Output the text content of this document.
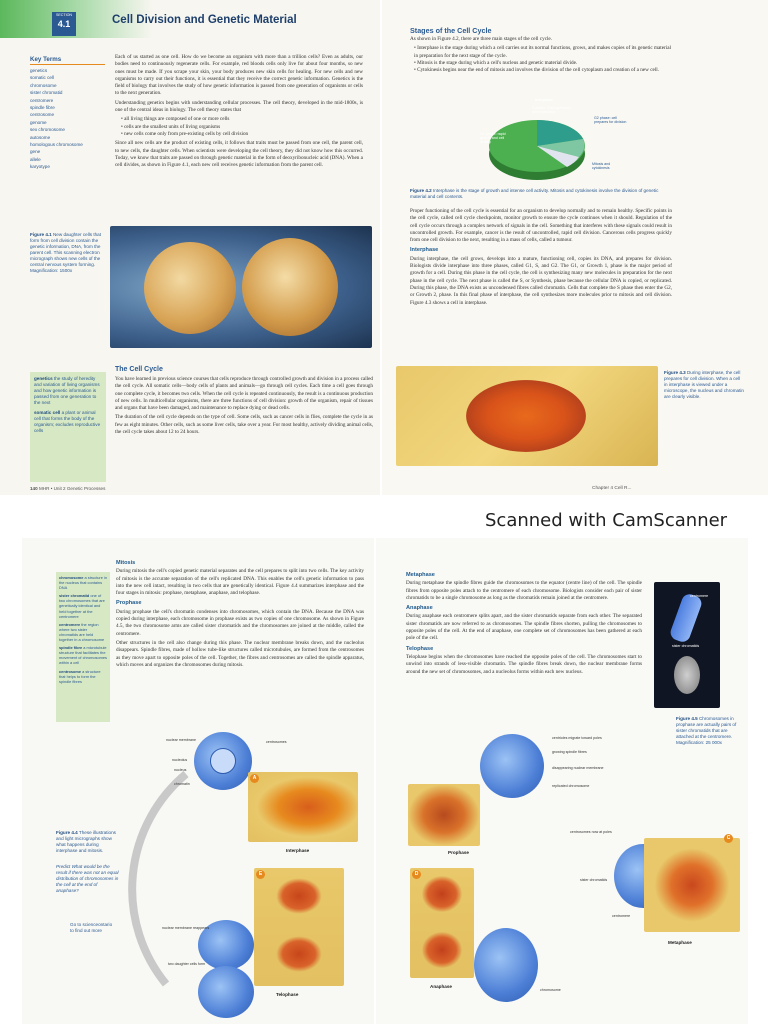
SECTION
4.1	Cell Division and Genetic Material
Key Terms
genetics
somatic cell
chromosome
sister chromatid
centromere
spindle fibre
centrosome
genome
sex chromosome
autosome
homologous chromosome
gene
allele
karyotype

Each of us started as one cell. How do we become an organism with more than a trillion cells? Even as adults, our bodies need to continuously regenerate cells. For example, red bloods cells only live for about four months, so new ones must be made. If you scrape your skin, your body produces new skin cells for healing. For new cells and new organisms to carry out their functions, it is essential that they receive the correct genetic information. Genetics is the field of biology that involves the study of how genetic information is passed from one generation of organisms or cells to the next generation.

Understanding genetics begins with understanding cellular processes. The cell theory, developed in the mid-1800s, is one of the central ideas in biology. The cell theory states that

• all living things are composed of one or more cells
• cells are the smallest units of living organisms
• new cells come only from pre-existing cells by cell division

Since all new cells are the product of existing cells, it follows that traits must be passed from one cell, the parent cell, to new cells, the daughter cells. When scientists were developing the cell theory, they did not know how this occurred. Today, we know that traits are passed on through genetic material in the form of deoxyribonucleic acid (DNA). When a cell divides, as shown in Figure 4.1, each new cell receives genetic information from the parent cell.

Figure 4.1 New daughter cells that form from cell division contain the genetic information, DNA, from the parent cell. This scanning electron micrograph shows new cells of the central nervous system forming. Magnification: 1500x
The Cell Cycle

You have learned in previous science courses that cells reproduce through controlled growth and division in a process called the cell cycle. All somatic cells—body cells of plants and animals—go through cell cycles. Each time a cell goes through one complete cycle, it becomes two cells. When the cell cycle is repeated continuously, the result is a continuous production of new cells. In multicellular organisms, there are three functions of cell division: growth of the organism, repair of tissues and organs that have been damaged, and maintenance to replace dying or dead cells.

The duration of the cell cycle depends on the type of cell. Some cells, such as cancer cells in flies, complete the cycle in as few as eight minutes. Other cells, such as some liver cells, take over a year. For most healthy, actively dividing animal cells, the cell cycle takes about 12 to 24 hours.

genetics the study of heredity and variation of living organisms and how genetic information is passed from one generation to the next
somatic cell a plant or animal cell that forms the body of the organism; excludes reproductive cells
140 MHR • Unit 2 Genetic Processes
Stages of the Cell Cycle

As shown in Figure 4.2, there are three main stages of the cell cycle.

• Interphase is the stage during which a cell carries out its normal functions, grows, and makes copies of its genetic material in preparation for the next stage of the cycle.
• Mitosis is the stage during which a cell's nucleus and genetic material divide.
• Cytokinesis begins near the end of mitosis and involves the division of the cell cytoplasm and creation of a new cell.
Interphase
S phase: DNA synthesis and replication
G1 phase: rapid growth and cell activity
G2 phase: cell prepares for division
Mitosis and cytokinesis
Figure 4.2 Interphase is the stage of growth and intense cell activity. Mitosis and cytokinesis involve the division of genetic material and cell contents.

Proper functioning of the cell cycle is essential for an organism to develop normally and to remain healthy. Specific points in the cell cycle, called cell cycle checkpoints, monitor growth to ensure the cycle continues when it should. Regulation of the cell cycle occurs through a complex network of signals in the cell. Something that interferes with these signals could result in uncontrolled growth. For example, cancer is the result of uncontrolled, rapid cell division. Cancerous cells progress quickly from one cell division to the next, resulting in a mass of cells, called a tumour.

Interphase

During interphase, the cell grows, develops into a mature, functioning cell, copies its DNA, and prepares for division. Biologists divide interphase into three phases, called G1, S, and G2. The G1, or Growth 1, phase is the major period of growth for a cell. During this phase in the cell cycle, the cell is synthesizing many new molecules in preparation for the next phase in the cell cycle. The next phase is called the S, or Synthesis, phase because the cellular DNA is copied, or replicated. During this phase, the DNA exists as uncondensed fibres called chromatin. Cells that complete the S phase then enter the G2, or Growth 2, phase. In this final phase of interphase, the cell synthesizes more molecules prior to mitosis and cell division. Figure 4.3 shows a cell in interphase.

Figure 4.3 During interphase, the cell prepares for cell division. When a cell in interphase is viewed under a microscope, the nucleus and chromatin are clearly visible.
Chapter 4 Cell R...
Scanned with CamScanner
chromosome a structure in the nucleus that contains DNA
sister chromatid one of two chromosomes that are genetically identical and held together at the centromere
centromere the region where two sister chromatids are held together in a chromosome
spindle fibre a microtubule structure that facilitates the movement of chromosomes within a cell
centrosome a structure that helps to form the spindle fibres
Mitosis

During mitosis the cell's copied genetic material separates and the cell prepares to split into two cells. The key activity of mitosis is the accurate separation of the cell's replicated DNA. This enables the cell's genetic information to pass into the new cell intact, resulting in two cells that are genetically identical. Figure 4.4 summarizes interphase and the four stages in mitosis: prophase, metaphase, anaphase, and telophase.

Prophase

During prophase the cell's chromatin condenses into chromosomes, which contain the DNA. Because the DNA was copied during interphase, each chromosome in prophase exists as two copies of one chromosome. As shown in Figure 4.5, the two chromosome arms are called sister chromatids and the chromosomes are joined at the middle, called the centromere.

Other structures in the cell also change during this phase. The nuclear membrane breaks down, and the nucleolus disappears. Spindle fibres, made of hollow tube-like structures called microtubules, are formed from the centrosomes as they move apart to opposite poles of the cell. Together, the fibres and centrosomes are called the spindle apparatus, which moves and organizes the chromosomes during mitosis.

Figure 4.4 These illustrations and light micrographs show what happens during interphase and mitosis.
Predict What would be the result if there was not an equal distribution of chromosomes in the cell at the end of anaphase?
Go to scienceontario to find out more
nuclear membrane	centrosomes
nucleolus
nucleus
chromatin
A
Interphase
E
nuclear membrane reappears
two daughter cells form
Telophase
Metaphase

During metaphase the spindle fibres guide the chromosomes to the equator (centre line) of the cell. The spindle fibres from opposite poles attach to the centromere of each chromosome. Biologists consider each pair of sister chromatids to be a single chromosome as long as the chromatids remain joined at the centromere.

Anaphase

During anaphase each centromere splits apart, and the sister chromatids separate from each other. The separated sister chromatids are now referred to as chromosomes. The spindle fibres shorten, pulling the chromosomes to opposite poles of the cell. At the end of anaphase, one complete set of chromosomes has been gathered at each pole of the cell.

Telophase

Telophase begins when the chromosomes have reached the opposite poles of the cell. The chromosomes start to unwind into strands of less-visible chromatin. The spindle fibres break down, the nuclear membrane forms around the new set of chromosomes, and a nucleolus forms within each new nucleus.

centromere
sister chromatids
Figure 4.5 Chromosomes in prophase are actually pairs of sister chromatids that are attached at the centromere. Magnification: 25 000x
centrioles migrate toward poles
growing spindle fibres
disappearing nuclear membrane
replicated chromosome
Prophase
centrosomes now at poles
sister chromatids
centromere
C
Metaphase
D
chromosome
Anaphase
